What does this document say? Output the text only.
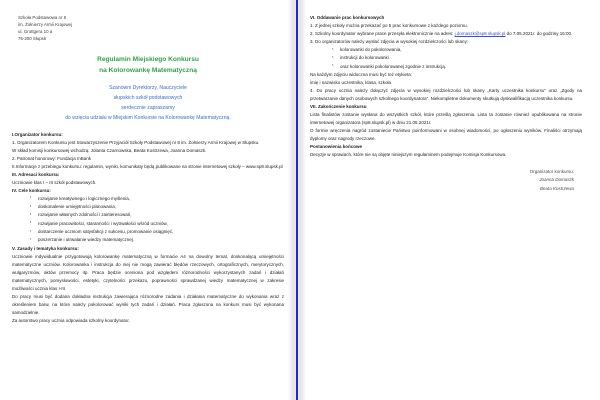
Szkoła Podstawowa nr 8
im. Żołnierzy Armii Krajowej
ul. Grottgera 10 a
76-200 Słupsk
Regulamin Miejskiego Konkursu
na Kolorowankę Matematyczną
Szanowni Dyrektorzy, Nauczyciele
słupskich szkół podstawowych
serdecznie zapraszamy
do wzięcia udziału w Miejskim Konkursie na Kolorowankę Matematyczną.

I.Organizator konkursu:

1. Organizatorem Konkursu jest Stowarzyszenie Przyjaciół Szkoły Podstawowej nr 8 im. Żołnierzy Armii Krajowej w Słupsku.

W skład komisji konkursowej wchodzą: Jolanta Czarnowska, Beata Kostrzewa, Joanna Domaszk.
2. Patronat honorowy: Fundacja mBank

II.Informacje z przebiegu konkursu: regulamin, wyniki, komunikaty będą publikowane na stronie internetowej szkoły – www.sp8.slupsk.pl

III. Adresaci konkursu
Uczniowie klas I – III szkół podstawowych.
IV. Cele konkursu:
▪ rozwijanie kreatywnego i logicznego myślenia,
▪ doskonalenie umiejętności planowania,
▪ rozwijanie własnych zdolności i zainteresowań,
▪ rozwijanie pracowitości, staranności i wytrwałości wśród uczniów,
▪ dostarczenie uczniom satysfakcji z sukcesu, promowanie osiągnięć,
▪ poszerzanie i utrwalanie wiedzy matematycznej.
V. Zasady i tematyka konkursu:

Uczniowie indywidualnie przygotowują kolorowankę matematyczną w formacie A4 na dowolny temat, doskonalącą umiejętności matematyczne uczniów. Kolorowanka i instrukcja do niej nie mogą zawierać błędów rzeczowych, ortograficznych, merytorycznych, wulgaryzmów, aktów przemocy itp. Praca będzie oceniona pod względem różnorodności wykorzystanych zadań i działań matematycznych, pomysłowości, estetyki, czytelności przekazu, poprawności sprawdzanej wiedzy matematycznej w zakresie możliwości uczniа klas I-III.

Do pracy musi być dodana dokładna instrukcja zawierająca różnorodne zadania i działania matematyczne do wykonania wraz z określeniem barw, na które należy pokolorować wyniki tych zadań i działań. Praca zgłoszona na konkurs musi być wykonana samodzielnie.

Za autorstwo pracy uczniа odpowiada szkolny koordynator.
VI. Oddawanie prac konkursowych
1. Z jednej szkoły można przekazać po 5 prac konkursowe z każdego poziomu.

2. Szkolny koordynator wybrane prace przesyła elektronicznie na adres: j.domaszk@sp8.slupsk.pl do 7.05.2021r. do godziny 16:00.

3. Do organizatorów należy wysłać zdjęcia w wysokiej rozdzielczości lub skany:
▪ kolorowanki do pokolorowania,
▪ instrukcji do kolorowanki
▪ oraz kolorowanki pokolorowanej zgodnie z instrukcją.
Na każdym zdjęciu widoczna musi być też etykieta:
imię i nazwisko uczestnika, klasa, szkoła

4. Do pracy ucznia należy dołączyć zdjęcia w wysokiej rozdzielczości lub skany „Karty uczestnika konkursu” oraz „Zgody na przetwarzanie danych osobowych szkolnego koordynatora”. Niekompletne dokumenty skutkują dyskwalifikacją uczestnika konkursu.

VII. Zakończenie konkursu

Lista finalistów zostanie wysłana do wszystkich szkół, które prześlą zgłoszenia. Lista ta zostanie również opublikowana na stronie internetowej organizatora (sp8.slupsk.pl) w dniu 21.05.2021r.

O formie wręczenia nagród zostaniecie Państwo poinformowani w osobnej wiadomości, po ogłoszeniu wyników. Finaliści otrzymają dyplomy oraz nagrody rzeczowe.

Postanowienia końcowe
Decyzje w sprawach, które nie są objęte niniejszym regulaminem podejmuje Komisja Konkursowa.
Organizator konkursu:
Joanna Domaszk
Beata Kostrzewa
